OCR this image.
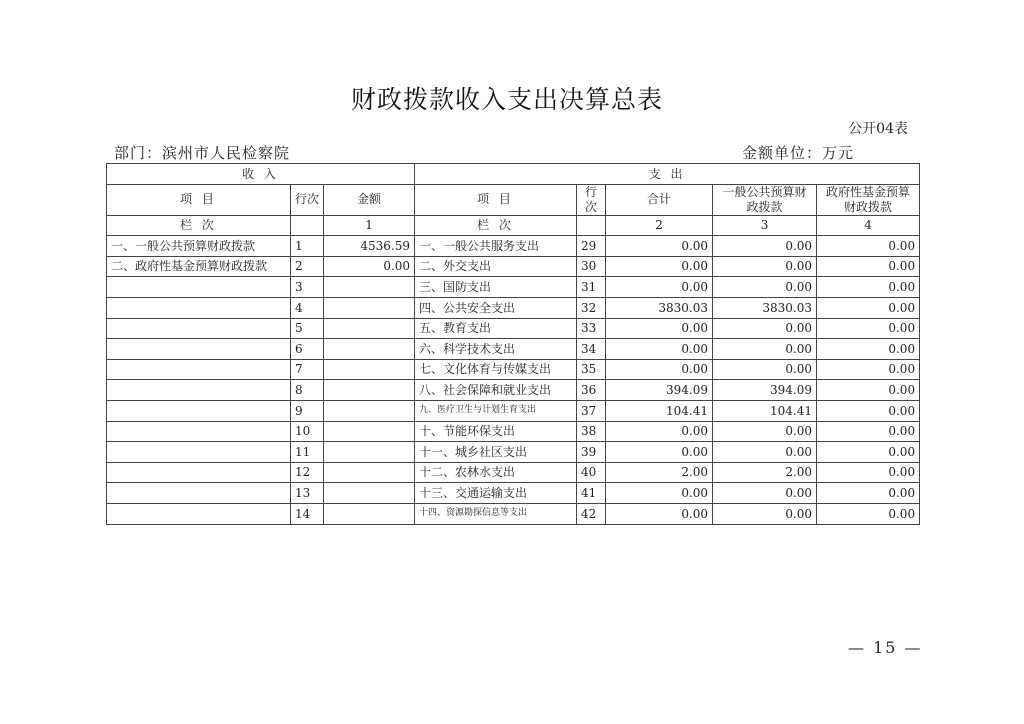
财政拨款收入支出决算总表
公开04表
部门：滨州市人民检察院	金额单位：万元
收 入			支 出				
项 目	行次	金额	项 目	行次	合计	一般公共预算财政拨款	政府性基金预算财政拨款
栏 次		1	栏 次		2	3	4
一、一般公共预算财政拨款	1	4536.59	一、一般公共服务支出	29	0.00	0.00	0.00
二、政府性基金预算财政拨款	2	0.00	二、外交支出	30	0.00	0.00	0.00
	3		三、国防支出	31	0.00	0.00	0.00
	4		四、公共安全支出	32	3830.03	3830.03	0.00
	5		五、教育支出	33	0.00	0.00	0.00
	6		六、科学技术支出	34	0.00	0.00	0.00
	7		七、文化体育与传媒支出	35	0.00	0.00	0.00
	8		八、社会保障和就业支出	36	394.09	394.09	0.00
	9		九、医疗卫生与计划生育支出	37	104.41	104.41	0.00
	10		十、节能环保支出	38	0.00	0.00	0.00
	11		十一、城乡社区支出	39	0.00	0.00	0.00
	12		十二、农林水支出	40	2.00	2.00	0.00
	13		十三、交通运输支出	41	0.00	0.00	0.00
	14		十四、资源勘探信息等支出	42	0.00	0.00	0.00
— 15 —
